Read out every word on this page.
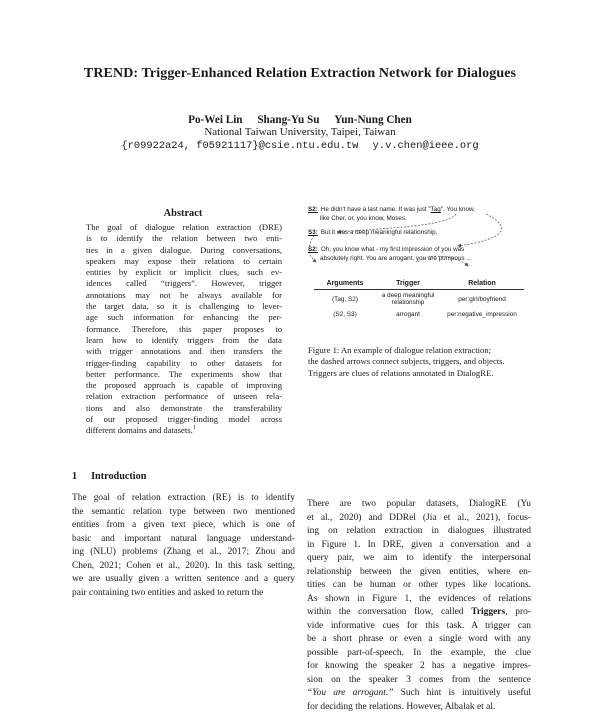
TREND: Trigger-Enhanced Relation Extraction Network for Dialogues
Po-Wei Lin Shang-Yu Su Yun-Nung Chen
National Taiwan University, Taipei, Taiwan
{r09922a24, f05921117}@csie.ntu.edu.tw y.v.chen@ieee.org
Abstract
The goal of dialogue relation extraction (DRE)
is to identify the relation between two enti-
ties in a given dialogue. During conversations,
speakers may expose their relations to certain
entities by explicit or implicit clues, such ev-
idences called “triggers”. However, trigger
annotations may not be always available for
the target data, so it is challenging to lever-
age such information for enhancing the per-
formance. Therefore, this paper proposes to
learn how to identify triggers from the data
with trigger annotations and then transfers the
trigger-finding capability to other datasets for
better performance. The experiments show that
the proposed approach is capable of improving
relation extraction performance of unseen rela-
tions and also demonstrate the transferability
of our proposed trigger-finding model across
different domains and datasets.$^1$
1 Introduction
The goal of relation extraction (RE) is to identify
the semantic relation type between two mentioned
entities from a given text piece, which is one of
basic and important natural language understand-
ing (NLU) problems (Zhang et al., 2017; Zhou and
Chen, 2021; Cohen et al., 2020). In this task setting,
we are usually given a written sentence and a query
pair containing two entities and asked to return the
There are two popular datasets, DialogRE (Yu
et al., 2020) and DDRel (Jia et al., 2021), focus-
ing on relation extraction in dialogues illustrated
in Figure 1. In DRE, given a conversation and a
query pair, we aim to identify the interpersonal
relationship between the given entities, where en-
tities can be human or other types like locations.
As shown in Figure 1, the evidences of relations
within the conversation flow, called Triggers, pro-
vide informative cues for this task. A trigger can
be a short phrase or even a single word with any
possible part-of-speech. In the example, the clue
for knowing the speaker 2 has a negative impres-
sion on the speaker 3 comes from the sentence
“You are arrogant.” Such hint is intuitively useful
for deciding the relations. However, Albalak et al.
S2: He didn't have a last name. It was just "Tag". You know,
like Cher, or, you know, Moses.
S3: But it was a deep meaningful relationship.
S2: Oh, you know what - my first impression of you was
absolutely right. You are arrogant, you are pompous ...
Arguments	Trigger	Relation
(Tag, S2)	a deep meaningful relationship	per:girl/boyfriend
(S2, S3)	arrogant	per:negative_impression
Figure 1: An example of dialogue relation extraction;
the dashed arrows connect subjects, triggers, and objects.
Triggers are clues of relations annotated in DialogRE.
